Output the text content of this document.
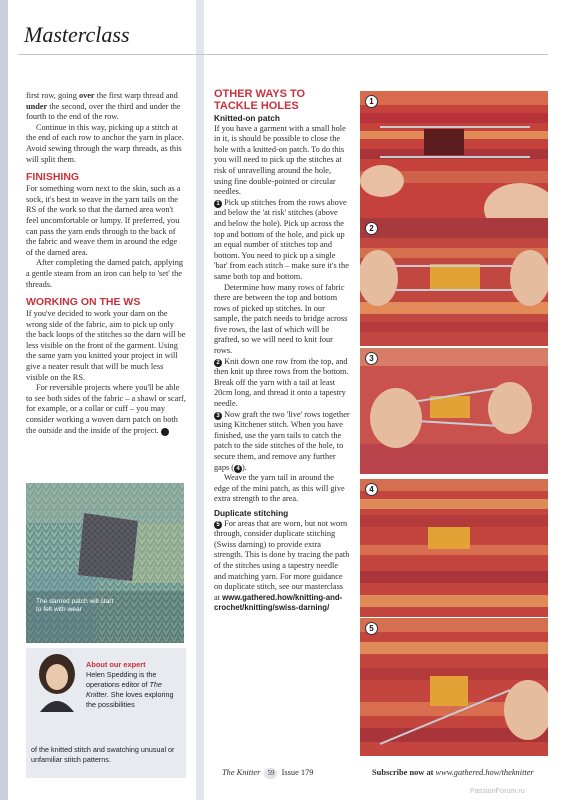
Masterclass

first row, going over the first warp thread and under the second, over the third and under the fourth to the end of the row.

Continue in this way, picking up a stitch at the end of each row to anchor the yarn in place. Avoid sewing through the warp threads, as this will split them.

FINISHING

For something worn next to the skin, such as a sock, it's best to weave in the yarn tails on the RS of the work so that the darned area won't feel uncomfortable or lumpy. If preferred, you can pass the yarn ends through to the back of the fabric and weave them in around the edge of the darned area.

After completing the darned patch, applying a gentle steam from an iron can help to 'set' the threads.

WORKING ON THE WS

If you've decided to work your darn on the wrong side of the fabric, aim to pick up only the back loops of the stitches so the darn will be less visible on the front of the garment. Using the same yarn you knitted your project in will give a neater result that will be much less visible on the RS.

For reversible projects where you'll be able to see both sides of the fabric – a shawl or scarf, for example, or a collar or cuff – you may consider working a woven darn patch on both the outside and the inside of the project. 6

The darned patch will start to felt with wear
About our expert
Helen Spedding is the operations editor of The Knitter. She loves exploring the possibilities
of the knitted stitch and swatching unusual or unfamiliar stitch patterns.
OTHER WAYS TO TACKLE HOLES
Knitted-on patch

If you have a garment with a small hole in it, is should be possible to close the hole with a knitted-on patch. To do this you will need to pick up the stitches at risk of unravelling around the hole, using fine double-pointed or circular needles.

1 Pick up stitches from the rows above and below the 'at risk' stitches (above and below the hole). Pick up across the top and bottom of the hole, and pick up an equal number of stitches top and bottom. You need to pick up a single 'bar' from each stitch – make sure it's the same both top and bottom.

Determine how many rows of fabric there are between the top and bottom rows of picked up stitches. In our sample, the patch needs to bridge across five rows, the last of which will be grafted, so we will need to knit four rows.

2 Knit down one row from the top, and then knit up three rows from the bottom. Break off the yarn with a tail at least 20cm long, and thread it onto a tapestry needle.

3 Now graft the two 'live' rows together using Kitchener stitch. When you have finished, use the yarn tails to catch the patch to the side stitches of the hole, to secure them, and remove any further gaps ( 4 ).

Weave the yarn tail in around the edge of the mini patch, as this will give extra strength to the area.

Duplicate stitching

5 For areas that are worn, but not worn through, consider duplicate stitching (Swiss darning) to provide extra strength. This is done by tracing the path of the stitches using a tapestry needle and matching yarn. For more guidance on duplicate stitch, see our masterclass at www.gathered.how/knitting-and-crochet/knitting/swiss-darning/

1
2
3
4
5
The Knitter 59 Issue 179	Subscribe now at www.gathered.how/theknitter
PassionForum.ru
